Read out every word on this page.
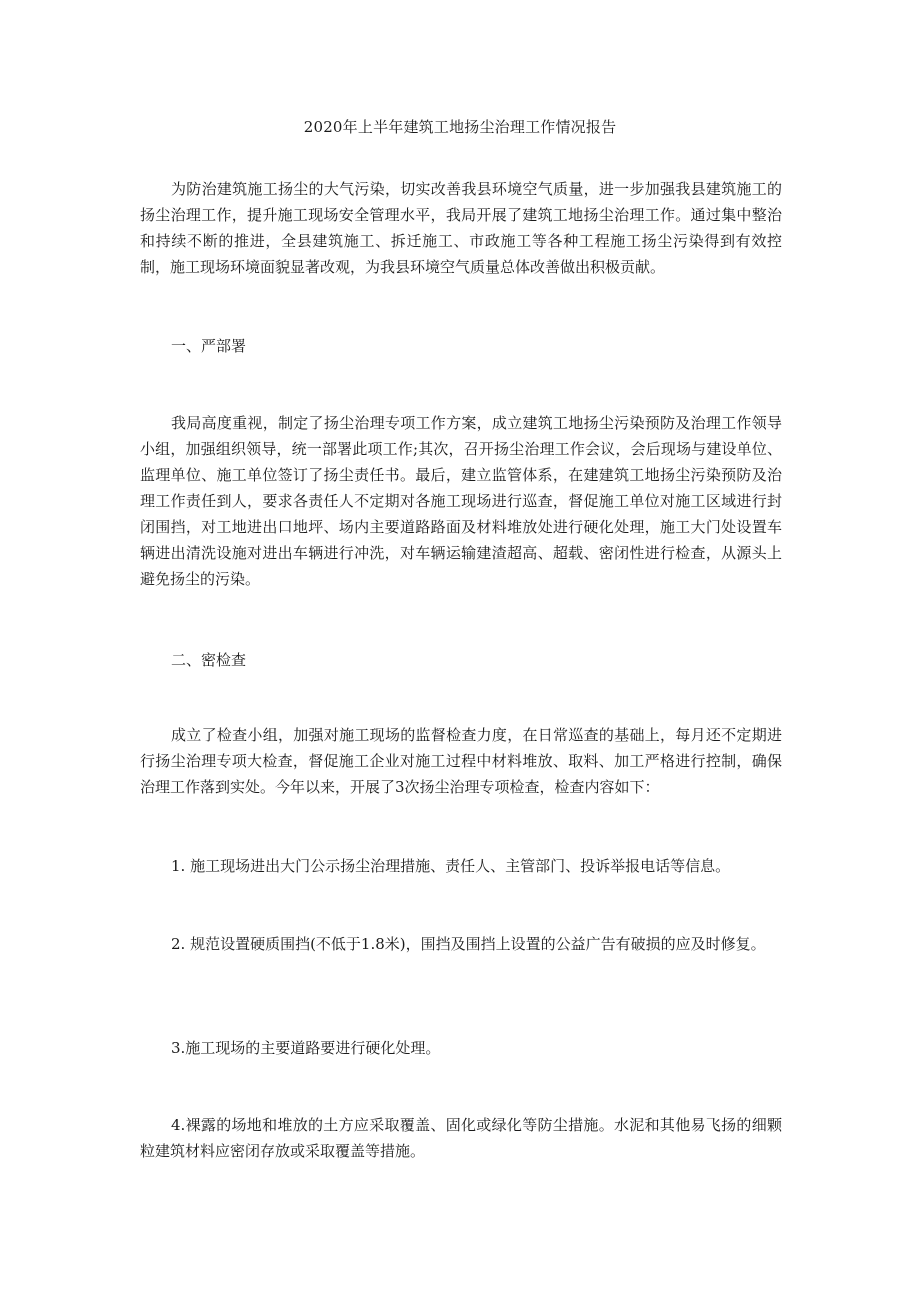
2020年上半年建筑工地扬尘治理工作情况报告
为防治建筑施工扬尘的大气污染，切实改善我县环境空气质量，进一步加强我县建筑施工的扬尘治理工作，提升施工现场安全管理水平，我局开展了建筑工地扬尘治理工作。通过集中整治和持续不断的推进，全县建筑施工、拆迁施工、市政施工等各种工程施工扬尘污染得到有效控制，施工现场环境面貌显著改观，为我县环境空气质量总体改善做出积极贡献。
一、严部署
我局高度重视，制定了扬尘治理专项工作方案，成立建筑工地扬尘污染预防及治理工作领导小组，加强组织领导，统一部署此项工作;其次，召开扬尘治理工作会议，会后现场与建设单位、监理单位、施工单位签订了扬尘责任书。最后，建立监管体系，在建建筑工地扬尘污染预防及治理工作责任到人，要求各责任人不定期对各施工现场进行巡查，督促施工单位对施工区域进行封闭围挡，对工地进出口地坪、场内主要道路路面及材料堆放处进行硬化处理，施工大门处设置车辆进出清洗设施对进出车辆进行冲洗，对车辆运输建渣超高、超载、密闭性进行检查，从源头上避免扬尘的污染。
二、密检查
成立了检查小组，加强对施工现场的监督检查力度，在日常巡查的基础上，每月还不定期进行扬尘治理专项大检查，督促施工企业对施工过程中材料堆放、取料、加工严格进行控制，确保治理工作落到实处。今年以来，开展了3次扬尘治理专项检查，检查内容如下：
1. 施工现场进出大门公示扬尘治理措施、责任人、主管部门、投诉举报电话等信息。
2. 规范设置硬质围挡(不低于1.8米)，围挡及围挡上设置的公益广告有破损的应及时修复。
3.施工现场的主要道路要进行硬化处理。
4.裸露的场地和堆放的土方应采取覆盖、固化或绿化等防尘措施。水泥和其他易飞扬的细颗粒建筑材料应密闭存放或采取覆盖等措施。
